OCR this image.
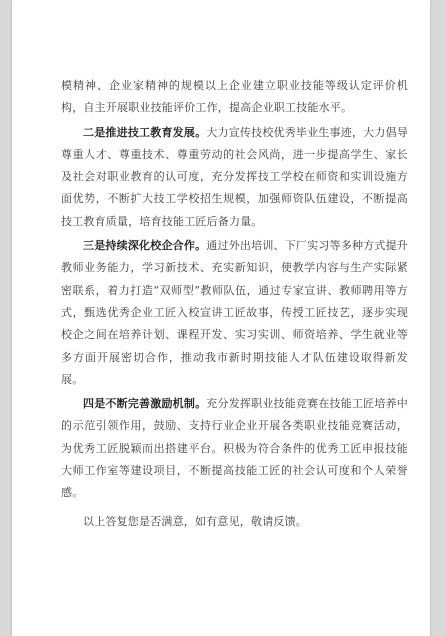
模精神、企业家精神的规模以上企业建立职业技能等级认定评价机构，自主开展职业技能评价工作，提高企业职工技能水平。

二是推进技工教育发展。大力宣传技校优秀毕业生事迹，大力倡导尊重人才、尊重技术、尊重劳动的社会风尚，进一步提高学生、家长及社会对职业教育的认可度，充分发挥技工学校在师资和实训设施方面优势，不断扩大技工学校招生规模，加强师资队伍建设，不断提高技工教育质量，培育技能工匠后备力量。

三是持续深化校企合作。通过外出培训、下厂实习等多种方式提升教师业务能力，学习新技术、充实新知识，使教学内容与生产实际紧密联系，着力打造“双师型”教师队伍，通过专家宣讲、教师聘用等方式，甄选优秀企业工匠入校宣讲工匠故事，传授工匠技艺，逐步实现校企之间在培养计划、课程开发、实习实训、师资培养、学生就业等多方面开展密切合作，推动我市新时期技能人才队伍建设取得新发展。

四是不断完善激励机制。充分发挥职业技能竞赛在技能工匠培养中的示范引领作用，鼓励、支持行业企业开展各类职业技能竞赛活动，为优秀工匠脱颖而出搭建平台。积极为符合条件的优秀工匠申报技能大师工作室等建设项目，不断提高技能工匠的社会认可度和个人荣誉感。

以上答复您是否满意，如有意见，敬请反馈。
